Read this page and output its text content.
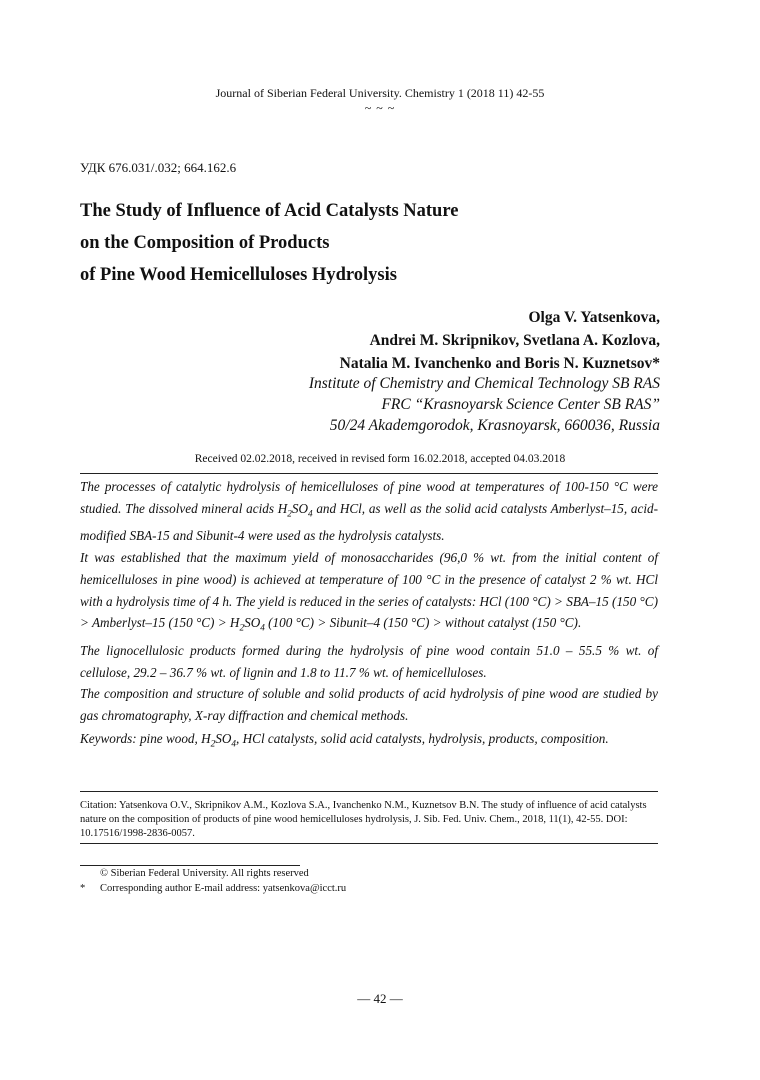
Journal of Siberian Federal University. Chemistry 1 (2018 11) 42-55
~ ~ ~
УДК 676.031/.032; 664.162.6
The Study of Influence of Acid Catalysts Nature
on the Composition of Products
of Pine Wood Hemicelluloses Hydrolysis
Olga V. Yatsenkova,
Andrei M. Skripnikov, Svetlana A. Kozlova,
Natalia M. Ivanchenko and Boris N. Kuznetsov*
Institute of Chemistry and Chemical Technology SB RAS
FRC “Krasnoyarsk Science Center SB RAS”
50/24 Akademgorodok, Krasnoyarsk, 660036, Russia
Received 02.02.2018, received in revised form 16.02.2018, accepted 04.03.2018

The processes of catalytic hydrolysis of hemicelluloses of pine wood at temperatures of 100-150 °C were studied. The dissolved mineral acids $H_2SO_4$ and HCl, as well as the solid acid catalysts Amberlyst–15, acid-modified SBA-15 and Sibunit-4 were used as the hydrolysis catalysts.

It was established that the maximum yield of monosaccharides (96,0 % wt. from the initial content of hemicelluloses in pine wood) is achieved at temperature of 100 °C in the presence of catalyst 2 % wt. HCl with a hydrolysis time of 4 h. The yield is reduced in the series of catalysts: HCl (100 °C) > SBA–15 (150 °C) > Amberlyst–15 (150 $^\circ C) > H_2SO_4$ (100 °C) > Sibunit–4 (150 °C) > without catalyst (150 °C).

The lignocellulosic products formed during the hydrolysis of pine wood contain 51.0 – 55.5 % wt. of cellulose, 29.2 – 36.7 % wt. of lignin and 1.8 to 11.7 % wt. of hemicelluloses.

The composition and structure of soluble and solid products of acid hydrolysis of pine wood are studied by gas chromatography, X-ray diffraction and chemical methods.

Keywords: pine wood, $H_2SO_4$, HCl catalysts, solid acid catalysts, hydrolysis, products, composition.
Citation: Yatsenkova O.V., Skripnikov A.M., Kozlova S.A., Ivanchenko N.M., Kuznetsov B.N. The study of influence of acid catalysts nature on the composition of products of pine wood hemicelluloses hydrolysis, J. Sib. Fed. Univ. Chem., 2018, 11(1), 42-55. DOI: 10.17516/1998-2836-0057.
© Siberian Federal University. All rights reserved
* Corresponding author E-mail address: yatsenkova@icct.ru
— 42 —
